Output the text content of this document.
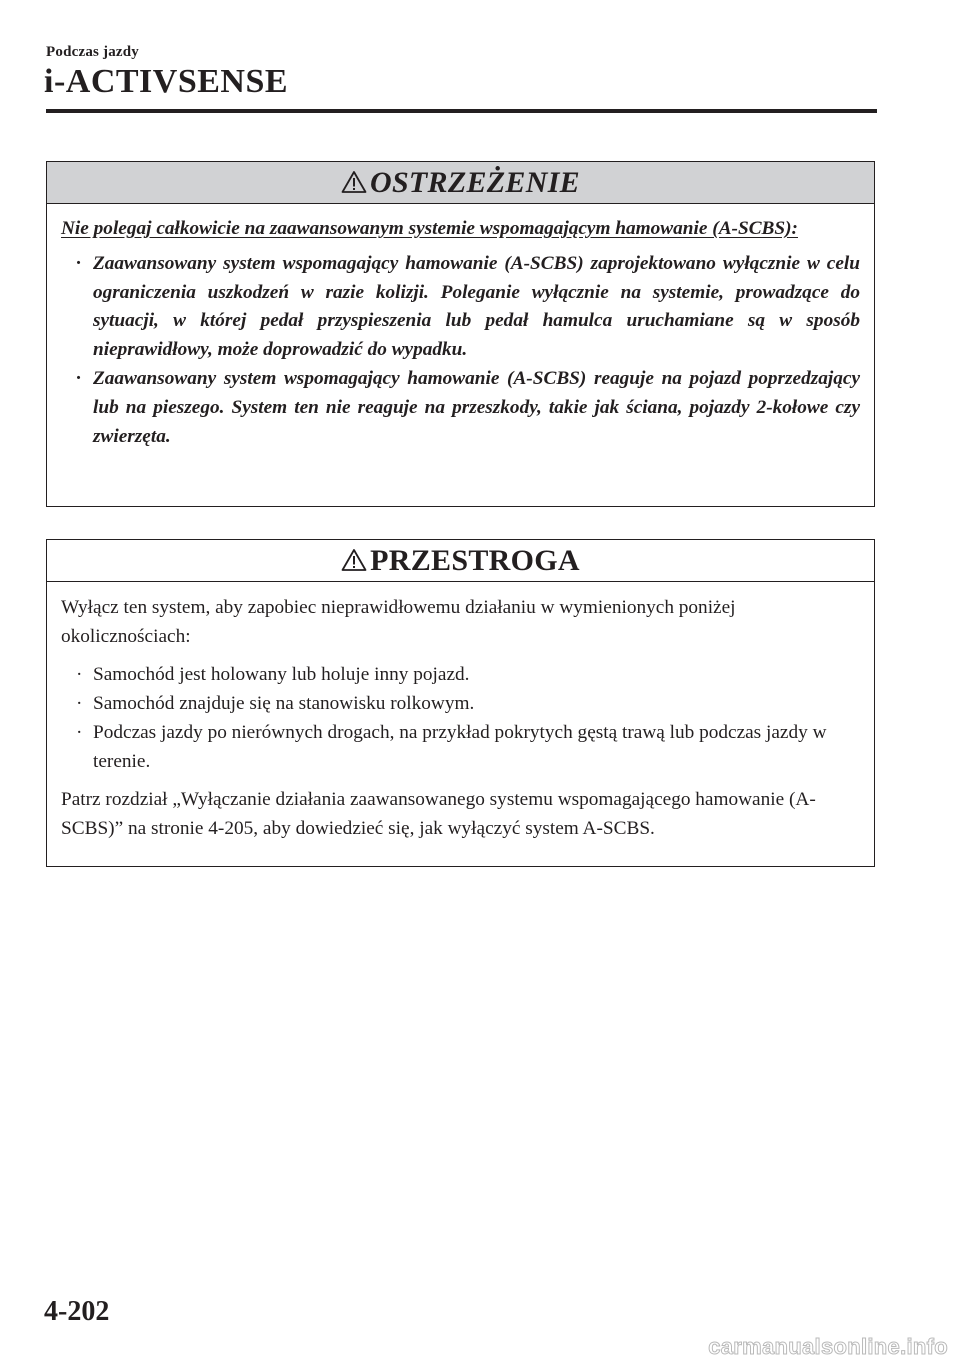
Podczas jazdy
i-ACTIVSENSE
OSTRZEŻENIE

Nie polegaj całkowicie na zaawansowanym systemie wspomagającym hamowanie (A-SCBS):

· Zaawansowany system wspomagający hamowanie (A-SCBS) zaprojektowano wyłącznie w celu ograniczenia uszkodzeń w razie kolizji. Poleganie wyłącznie na systemie, prowadzące do sytuacji, w której pedał przyspieszenia lub pedał hamulca uruchamiane są w sposób nieprawidłowy, może doprowadzić do wypadku.
· Zaawansowany system wspomagający hamowanie (A-SCBS) reaguje na pojazd poprzedzający lub na pieszego. System ten nie reaguje na przeszkody, takie jak ściana, pojazdy 2-kołowe czy zwierzęta.
PRZESTROGA

Wyłącz ten system, aby zapobiec nieprawidłowemu działaniu w wymienionych poniżej okolicznościach:

· Samochód jest holowany lub holuje inny pojazd.
· Samochód znajduje się na stanowisku rolkowym.
· Podczas jazdy po nierównych drogach, na przykład pokrytych gęstą trawą lub podczas jazdy w terenie.

Patrz rozdział „Wyłączanie działania zaawansowanego systemu wspomagającego hamowanie (A-SCBS)” na stronie 4-205, aby dowiedzieć się, jak wyłączyć system A-SCBS.

4-202
carmanualsonline.info
